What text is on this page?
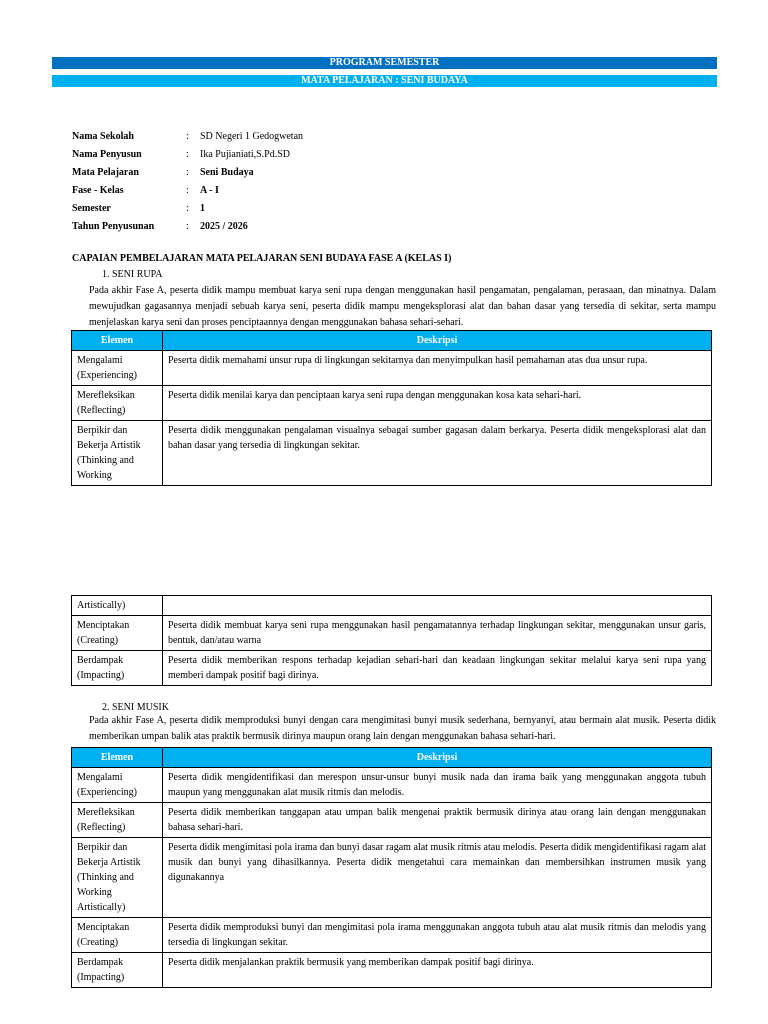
PROGRAM SEMESTER
MATA PELAJARAN : SENI BUDAYA
Nama Sekolah	: SD Negeri 1 Gedogwetan
Nama Penyusun	: Ika Pujianiati,S.Pd.SD
Mata Pelajaran	: Seni Budaya
Fase - Kelas	: A - I
Semester	: 1
Tahun Penyusunan	: 2025 / 2026
CAPAIAN PEMBELAJARAN MATA PELAJARAN SENI BUDAYA FASE A (KELAS I)
1. SENI RUPA
Pada akhir Fase A, peserta didik mampu membuat karya seni rupa dengan menggunakan hasil pengamatan, pengalaman, perasaan, dan minatnya. Dalam mewujudkan gagasannya menjadi sebuah karya seni, peserta didik mampu mengeksplorasi alat dan bahan dasar yang tersedia di sekitar, serta mampu menjelaskan karya seni dan proses penciptaannya dengan menggunakan bahasa sehari-sehari.
Elemen	Deskripsi
Mengalami (Experiencing)	Peserta didik memahami unsur rupa di lingkungan sekitarnya dan menyimpulkan hasil pemahaman atas dua unsur rupa.
Merefleksikan (Reflecting)	Peserta didik menilai karya dan penciptaan karya seni rupa dengan menggunakan kosa kata sehari-hari.
Berpikir dan Bekerja Artistik (Thinking and Working	Peserta didik menggunakan pengalaman visualnya sebagai sumber gagasan dalam berkarya. Peserta didik mengeksplorasi alat dan bahan dasar yang tersedia di lingkungan sekitar.
Artistically)	
Menciptakan (Creating)	Peserta didik membuat karya seni rupa menggunakan hasil pengamatannya terhadap lingkungan sekitar, menggunakan unsur garis, bentuk, dan/atau warna
Berdampak (Impacting)	Peserta didik memberikan respons terhadap kejadian sehari-hari dan keadaan lingkungan sekitar melalui karya seni rupa yang memberi dampak positif bagi dirinya.
2. SENI MUSIK
Pada akhir Fase A, peserta didik memproduksi bunyi dengan cara mengimitasi bunyi musik sederhana, bernyanyi, atau bermain alat musik. Peserta didik memberikan umpan balik atas praktik bermusik dirinya maupun orang lain dengan menggunakan bahasa sehari-hari.
Elemen	Deskripsi
Mengalami (Experiencing)	Peserta didik mengidentifikasi dan merespon unsur-unsur bunyi musik nada dan irama baik yang menggunakan anggota tubuh maupun yang menggunakan alat musik ritmis dan melodis.
Merefleksikan (Reflecting)	Peserta didik memberikan tanggapan atau umpan balik mengenai praktik bermusik dirinya atau orang lain dengan menggunakan bahasa sehari-hari.
Berpikir dan Bekerja Artistik (Thinking and Working Artistically)	Peserta didik mengimitasi pola irama dan bunyi dasar ragam alat musik ritmis atau melodis. Peserta didik mengidentifikasi ragam alat musik dan bunyi yang dihasilkannya. Peserta didik mengetahui cara memainkan dan membersihkan instrumen musik yang digunakannya
Menciptakan (Creating)	Peserta didik memproduksi bunyi dan mengimitasi pola irama menggunakan anggota tubuh atau alat musik ritmis dan melodis yang tersedia di lingkungan sekitar.
Berdampak (Impacting)	Peserta didik menjalankan praktik bermusik yang memberikan dampak positif bagi dirinya.
